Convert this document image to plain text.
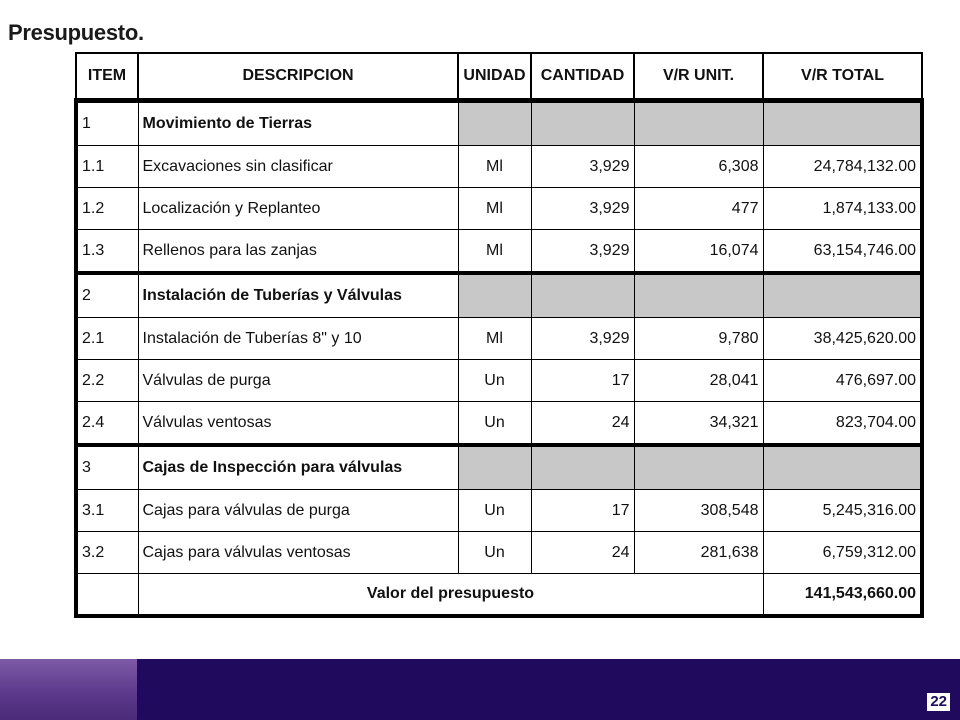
Presupuesto.
ITEM	DESCRIPCION	UNIDAD	CANTIDAD	V/R UNIT.	V/R TOTAL
1	Movimiento de Tierras				
1.1	Excavaciones sin clasificar	Ml	3,929	6,308	24,784,132.00
1.2	Localización y Replanteo	Ml	3,929	477	1,874,133.00
1.3	Rellenos para las zanjas	Ml	3,929	16,074	63,154,746.00
2	Instalación de Tuberías y Válvulas				
2.1	Instalación de Tuberías 8" y 10	Ml	3,929	9,780	38,425,620.00
2.2	Válvulas de purga	Un	17	28,041	476,697.00
2.4	Válvulas ventosas	Un	24	34,321	823,704.00
3	Cajas de Inspección para válvulas				
3.1	Cajas para válvulas de purga	Un	17	308,548	5,245,316.00
3.2	Cajas para válvulas ventosas	Un	24	281,638	6,759,312.00
	Valor del presupuesto				141,543,660.00
22
